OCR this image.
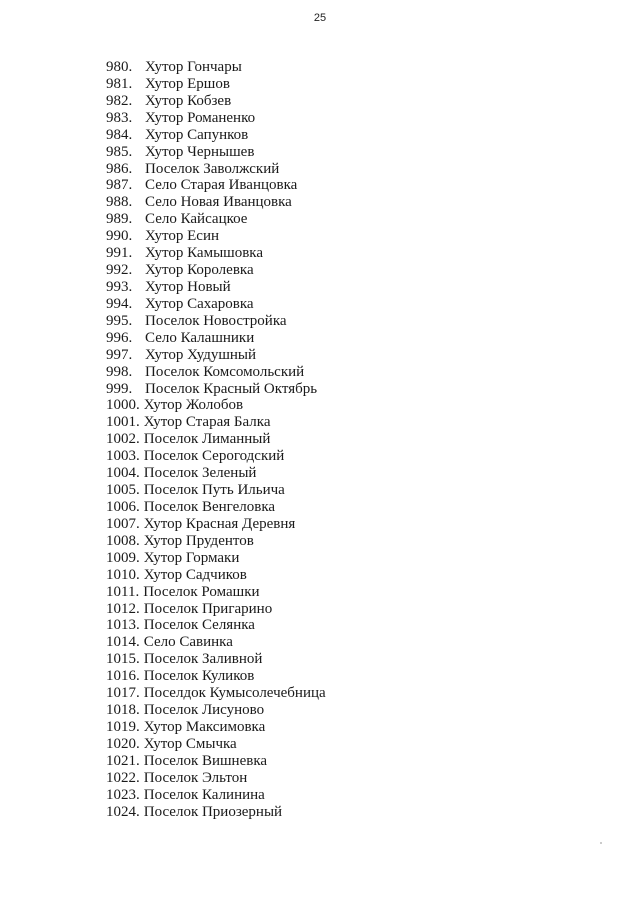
25
980. Хутор Гончары
981. Хутор Ершов
982. Хутор Кобзев
983. Хутор Романенко
984. Хутор Сапунков
985. Хутор Чернышев
986. Поселок Заволжский
987. Село Старая Иванцовка
988. Село Новая Иванцовка
989. Село Кайсацкое
990. Хутор Есин
991. Хутор Камышовка
992. Хутор Королевка
993. Хутор Новый
994. Хутор Сахаровка
995. Поселок Новостройка
996. Село Калашники
997. Хутор Худушный
998. Поселок Комсомольский
999. Поселок Красный Октябрь
1000. Хутор Жолобов
1001. Хутор Старая Балка
1002. Поселок Лиманный
1003. Поселок Серогодский
1004. Поселок Зеленый
1005. Поселок Путь Ильича
1006. Поселок Венгеловка
1007. Хутор Красная Деревня
1008. Хутор Прудентов
1009. Хутор Гормаки
1010. Хутор Садчиков
1011. Поселок Ромашки
1012. Поселок Пригарино
1013. Поселок Селянка
1014. Село Савинка
1015. Поселок Заливной
1016. Поселок Куликов
1017. Поселдок Кумысолечебница
1018. Поселок Лисуново
1019. Хутор Максимовка
1020. Хутор Смычка
1021. Поселок Вишневка
1022. Поселок Эльтон
1023. Поселок Калинина
1024. Поселок Приозерный
